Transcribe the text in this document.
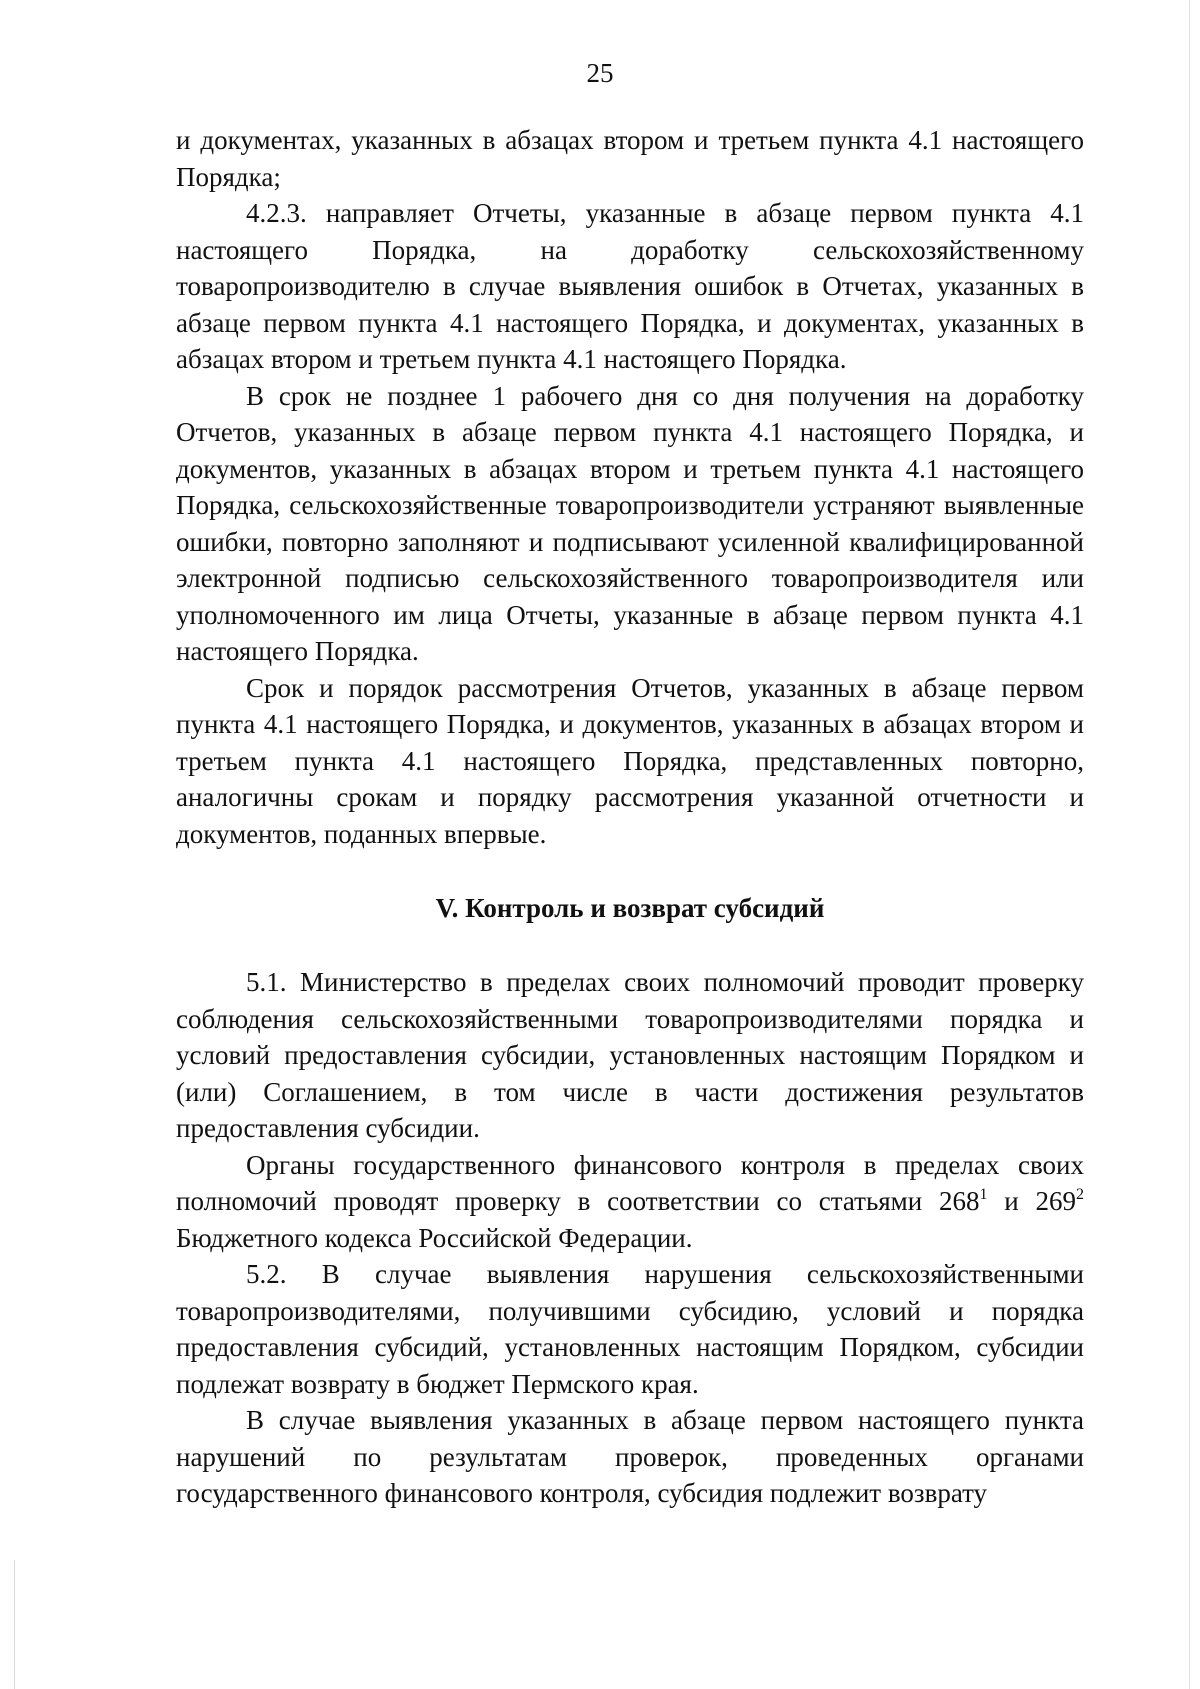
25

и документах, указанных в абзацах втором и третьем пункта 4.1 настоящего Порядка;

4.2.3. направляет Отчеты, указанные в абзаце первом пункта 4.1 настоящего Порядка, на доработку сельскохозяйственному товаропроизводителю в случае выявления ошибок в Отчетах, указанных в абзаце первом пункта 4.1 настоящего Порядка, и документах, указанных в абзацах втором и третьем пункта 4.1 настоящего Порядка.

В срок не позднее 1 рабочего дня со дня получения на доработку Отчетов, указанных в абзаце первом пункта 4.1 настоящего Порядка, и документов, указанных в абзацах втором и третьем пункта 4.1 настоящего Порядка, сельскохозяйственные товаропроизводители устраняют выявленные ошибки, повторно заполняют и подписывают усиленной квалифицированной электронной подписью сельскохозяйственного товаропроизводителя или уполномоченного им лица Отчеты, указанные в абзаце первом пункта 4.1 настоящего Порядка.

Срок и порядок рассмотрения Отчетов, указанных в абзаце первом пункта 4.1 настоящего Порядка, и документов, указанных в абзацах втором и третьем пункта 4.1 настоящего Порядка, представленных повторно, аналогичны срокам и порядку рассмотрения указанной отчетности и документов, поданных впервые.

V. Контроль и возврат субсидий

5.1. Министерство в пределах своих полномочий проводит проверку соблюдения сельскохозяйственными товаропроизводителями порядка и условий предоставления субсидии, установленных настоящим Порядком и (или) Соглашением, в том числе в части достижения результатов предоставления субсидии.

Органы государственного финансового контроля в пределах своих полномочий проводят проверку в соответствии со статьями $268^1$ и $269^2$ Бюджетного кодекса Российской Федерации.

5.2. В случае выявления нарушения сельскохозяйственными товаропроизводителями, получившими субсидию, условий и порядка предоставления субсидий, установленных настоящим Порядком, субсидии подлежат возврату в бюджет Пермского края.

В случае выявления указанных в абзаце первом настоящего пункта нарушений по результатам проверок, проведенных органами государственного финансового контроля, субсидия подлежит возврату
